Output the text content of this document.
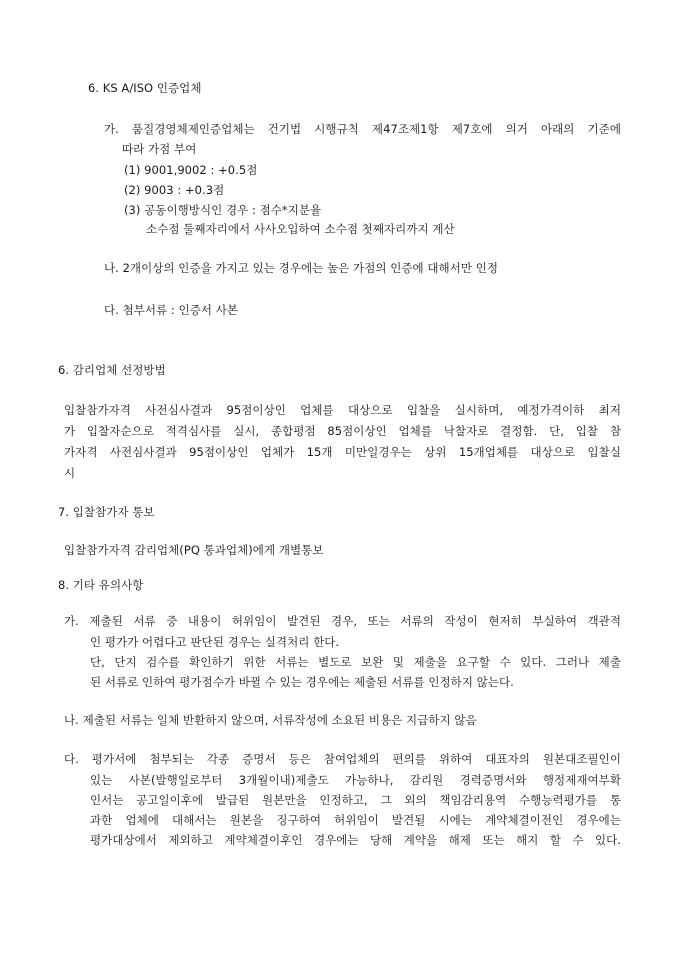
6. KS A/ISO 인증업체
가. 품질경영체제인증업체는 건기법 시행규칙 제47조제1항 제7호에 의거 아래의 기준에
따라 가점 부여
(1) 9001,9002 : +0.5점
(2) 9003 : +0.3점
(3) 공동이행방식인 경우 : 점수*지분율
소수점 둘째자리에서 사사오입하여 소수점 첫째자리까지 계산
나. 2개이상의 인증을 가지고 있는 경우에는 높은 가점의 인증에 대해서만 인정
다. 첨부서류 : 인증서 사본
6. 감리업체 선정방법
입찰참가자격 사전심사결과 95점이상인 업체를 대상으로 입찰을 실시하며, 예정가격이하 최저
가 입찰자순으로 적격심사를 실시, 종합평점 85점이상인 업체를 낙찰자로 결정함. 단, 입찰 참
가자격 사전심사결과 95점이상인 업체가 15개 미만일경우는 상위 15개업체를 대상으로 입찰실
시
7. 입찰참가자 통보
입찰참가자격 감리업체(PQ 통과업체)에게 개별통보
8. 기타 유의사항
가. 제출된 서류 중 내용이 허위임이 발견된 경우, 또는 서류의 작성이 현저히 부실하여 객관적
인 평가가 어렵다고 판단된 경우는 실격처리 한다.
단, 단지 검수를 확인하기 위한 서류는 별도로 보완 및 제출을 요구할 수 있다. 그러나 제출
된 서류로 인하여 평가점수가 바뀔 수 있는 경우에는 제출된 서류를 인정하지 않는다.
나. 제출된 서류는 일체 반환하지 않으며, 서류작성에 소요된 비용은 지급하지 않음
다. 평가서에 첨부되는 각종 증명서 등은 참여업체의 편의를 위하여 대표자의 원본대조필인이
있는 사본(발행일로부터 3개월이내)제출도 가능하나, 감리원 경력증명서와 행정제재여부확
인서는 공고일이후에 발급된 원본만을 인정하고, 그 외의 책임감리용역 수행능력평가를 통
과한 업체에 대해서는 원본을 징구하여 허위임이 발견될 시에는 계약체결이전인 경우에는
평가대상에서 제외하고 계약체결이후인 경우에는 당해 계약을 해제 또는 해지 할 수 있다.
